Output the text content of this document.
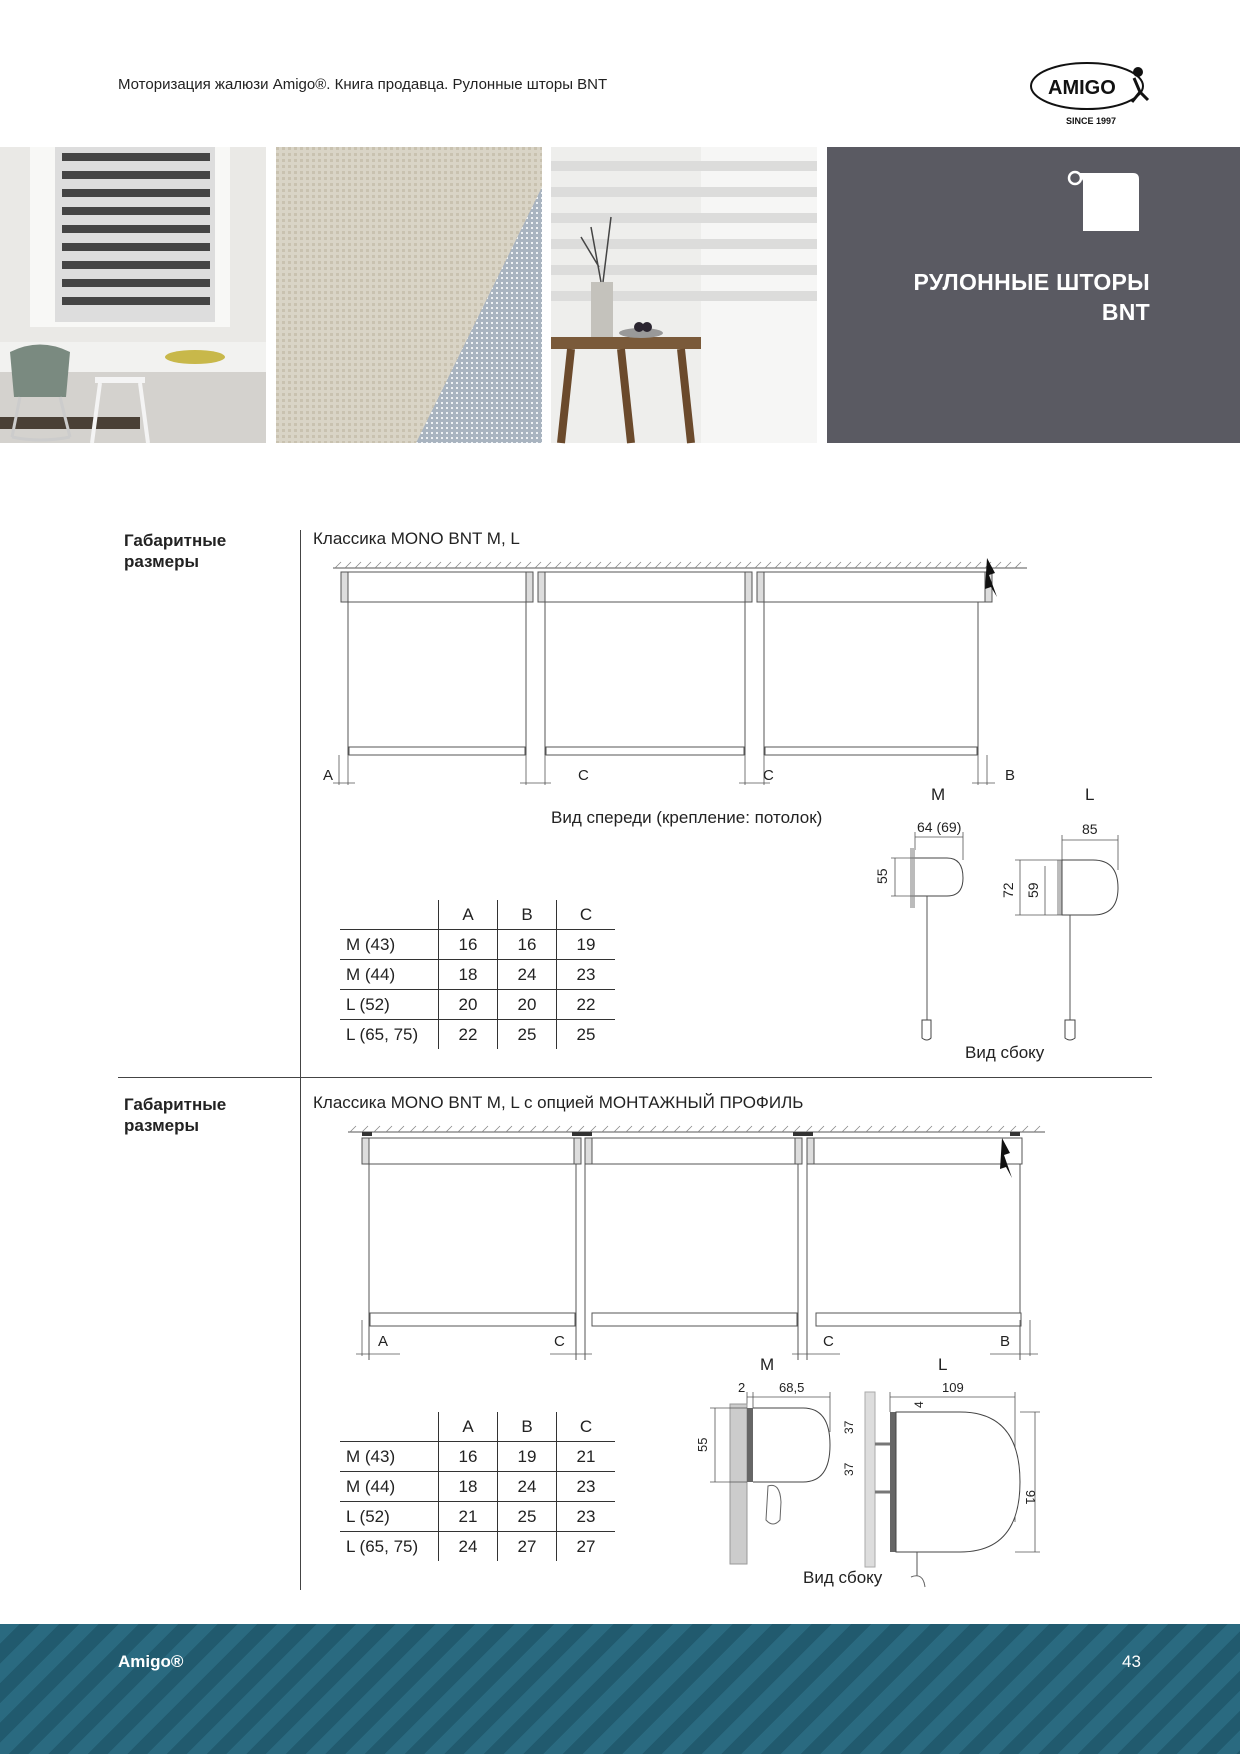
Моторизация жалюзи Amigo®. Книга продавца. Рулонные шторы BNT	AMIGO
SINCE 1997
РУЛОННЫЕ ШТОРЫ
BNT
Габаритные
размеры
Классика MONO BNT M, L
A	C	C	B
Вид спереди (крепление: потолок)
M	L
64 (69)
55
85
72 59
Вид сбоку
	A	B	C
M (43)	16	16	19
M (44)	18	24	23
L (52)	20	20	22
L (65, 75)	22	25	25
Габаритные
размеры
Классика MONO BNT M, L с опцией МОНТАЖНЫЙ ПРОФИЛЬ
A	C	C	B
M	L
2	68,5
55
109
4
37
37
91
Вид сбоку
	A	B	C
M (43)	16	19	21
M (44)	18	24	23
L (52)	21	25	23
L (65, 75)	24	27	27
Amigo®	43
